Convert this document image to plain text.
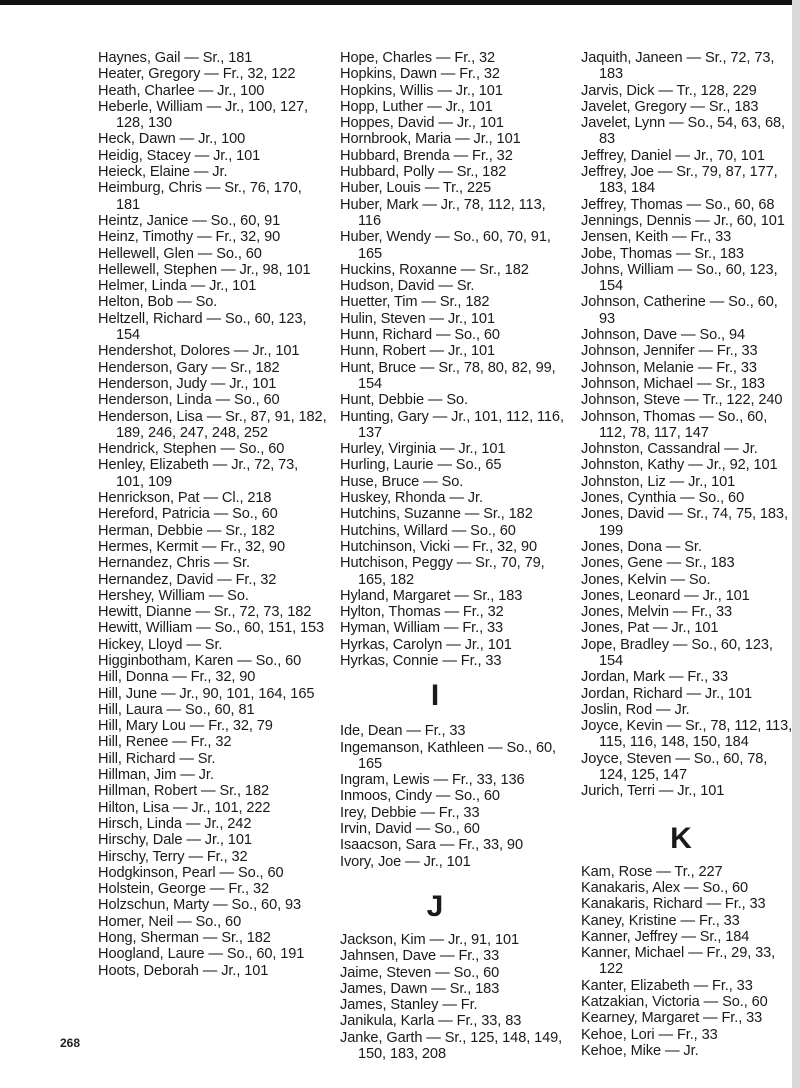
Haynes, Gail — Sr., 181
Heater, Gregory — Fr., 32, 122
Heath, Charlee — Jr., 100
Heberle, William — Jr., 100, 127, 128, 130
Heck, Dawn — Jr., 100
Heidig, Stacey — Jr., 101
Heieck, Elaine — Jr.
Heimburg, Chris — Sr., 76, 170, 181
Heintz, Janice — So., 60, 91
Heinz, Timothy — Fr., 32, 90
Hellewell, Glen — So., 60
Hellewell, Stephen — Jr., 98, 101
Helmer, Linda — Jr., 101
Helton, Bob — So.
Heltzell, Richard — So., 60, 123, 154
Hendershot, Dolores — Jr., 101
Henderson, Gary — Sr., 182
Henderson, Judy — Jr., 101
Henderson, Linda — So., 60
Henderson, Lisa — Sr., 87, 91, 182, 189, 246, 247, 248, 252
Hendrick, Stephen — So., 60
Henley, Elizabeth — Jr., 72, 73, 101, 109
Henrickson, Pat — Cl., 218
Hereford, Patricia — So., 60
Herman, Debbie — Sr., 182
Hermes, Kermit — Fr., 32, 90
Hernandez, Chris — Sr.
Hernandez, David — Fr., 32
Hershey, William — So.
Hewitt, Dianne — Sr., 72, 73, 182
Hewitt, William — So., 60, 151, 153
Hickey, Lloyd — Sr.
Higginbotham, Karen — So., 60
Hill, Donna — Fr., 32, 90
Hill, June — Jr., 90, 101, 164, 165
Hill, Laura — So., 60, 81
Hill, Mary Lou — Fr., 32, 79
Hill, Renee — Fr., 32
Hill, Richard — Sr.
Hillman, Jim — Jr.
Hillman, Robert — Sr., 182
Hilton, Lisa — Jr., 101, 222
Hirsch, Linda — Jr., 242
Hirschy, Dale — Jr., 101
Hirschy, Terry — Fr., 32
Hodgkinson, Pearl — So., 60
Holstein, George — Fr., 32
Holzschun, Marty — So., 60, 93
Homer, Neil — So., 60
Hong, Sherman — Sr., 182
Hoogland, Laure — So., 60, 191
Hoots, Deborah — Jr., 101
Hope, Charles — Fr., 32
Hopkins, Dawn — Fr., 32
Hopkins, Willis — Jr., 101
Hopp, Luther — Jr., 101
Hoppes, David — Jr., 101
Hornbrook, Maria — Jr., 101
Hubbard, Brenda — Fr., 32
Hubbard, Polly — Sr., 182
Huber, Louis — Tr., 225
Huber, Mark — Jr., 78, 112, 113, 116
Huber, Wendy — So., 60, 70, 91, 165
Huckins, Roxanne — Sr., 182
Hudson, David — Sr.
Huetter, Tim — Sr., 182
Hulin, Steven — Jr., 101
Hunn, Richard — So., 60
Hunn, Robert — Jr., 101
Hunt, Bruce — Sr., 78, 80, 82, 99, 154
Hunt, Debbie — So.
Hunting, Gary — Jr., 101, 112, 116, 137
Hurley, Virginia — Jr., 101
Hurling, Laurie — So., 65
Huse, Bruce — So.
Huskey, Rhonda — Jr.
Hutchins, Suzanne — Sr., 182
Hutchins, Willard — So., 60
Hutchinson, Vicki — Fr., 32, 90
Hutchison, Peggy — Sr., 70, 79, 165, 182
Hyland, Margaret — Sr., 183
Hylton, Thomas — Fr., 32
Hyman, William — Fr., 33
Hyrkas, Carolyn — Jr., 101
Hyrkas, Connie — Fr., 33
I
Ide, Dean — Fr., 33
Ingemanson, Kathleen — So., 60, 165
Ingram, Lewis — Fr., 33, 136
Inmoos, Cindy — So., 60
Irey, Debbie — Fr., 33
Irvin, David — So., 60
Isaacson, Sara — Fr., 33, 90
Ivory, Joe — Jr., 101
J
Jackson, Kim — Jr., 91, 101
Jahnsen, Dave — Fr., 33
Jaime, Steven — So., 60
James, Dawn — Sr., 183
James, Stanley — Fr.
Janikula, Karla — Fr., 33, 83
Janke, Garth — Sr., 125, 148, 149, 150, 183, 208
Jaquith, Janeen — Sr., 72, 73, 183
Jarvis, Dick — Tr., 128, 229
Javelet, Gregory — Sr., 183
Javelet, Lynn — So., 54, 63, 68, 83
Jeffrey, Daniel — Jr., 70, 101
Jeffrey, Joe — Sr., 79, 87, 177, 183, 184
Jeffrey, Thomas — So., 60, 68
Jennings, Dennis — Jr., 60, 101
Jensen, Keith — Fr., 33
Jobe, Thomas — Sr., 183
Johns, William — So., 60, 123, 154
Johnson, Catherine — So., 60, 93
Johnson, Dave — So., 94
Johnson, Jennifer — Fr., 33
Johnson, Melanie — Fr., 33
Johnson, Michael — Sr., 183
Johnson, Steve — Tr., 122, 240
Johnson, Thomas — So., 60, 112, 78, 117, 147
Johnston, Cassandral — Jr.
Johnston, Kathy — Jr., 92, 101
Johnston, Liz — Jr., 101
Jones, Cynthia — So., 60
Jones, David — Sr., 74, 75, 183, 199
Jones, Dona — Sr.
Jones, Gene — Sr., 183
Jones, Kelvin — So.
Jones, Leonard — Jr., 101
Jones, Melvin — Fr., 33
Jones, Pat — Jr., 101
Jope, Bradley — So., 60, 123, 154
Jordan, Mark — Fr., 33
Jordan, Richard — Jr., 101
Joslin, Rod — Jr.
Joyce, Kevin — Sr., 78, 112, 113, 115, 116, 148, 150, 184
Joyce, Steven — So., 60, 78, 124, 125, 147
Jurich, Terri — Jr., 101
K
Kam, Rose — Tr., 227
Kanakaris, Alex — So., 60
Kanakaris, Richard — Fr., 33
Kaney, Kristine — Fr., 33
Kanner, Jeffrey — Sr., 184
Kanner, Michael — Fr., 29, 33, 122
Kanter, Elizabeth — Fr., 33
Katzakian, Victoria — So., 60
Kearney, Margaret — Fr., 33
Kehoe, Lori — Fr., 33
Kehoe, Mike — Jr.
268
